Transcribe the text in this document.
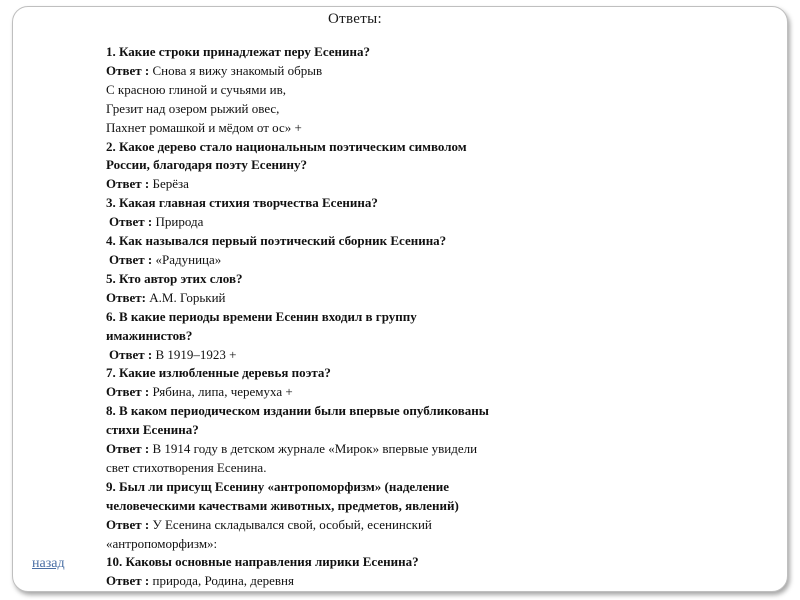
Ответы:
1. Какие строки принадлежат перу Есенина?
Ответ : Снова я вижу знакомый обрыв
С красною глиной и сучьями ив,
Грезит над озером рыжий овес,
Пахнет ромашкой и мёдом от ос» +
2. Какое дерево стало национальным поэтическим символом
России, благодаря поэту Есенину?
Ответ : Берёза
3. Какая главная стихия творчества Есенина?
Ответ : Природа
4. Как назывался первый поэтический сборник Есенина?
Ответ : «Радуница»
5. Кто автор этих слов?
Ответ: А.М. Горький
6. В какие периоды времени Есенин входил в группу
имажинистов?
Ответ : В 1919–1923 +
7. Какие излюбленные деревья поэта?
Ответ : Рябина, липа, черемуха +
8. В каком периодическом издании были впервые опубликованы
стихи Есенина?
Ответ : В 1914 году в детском журнале «Мирок» впервые увидели
свет стихотворения Есенина.
9. Был ли присущ Есенину «антропоморфизм» (наделение
человеческими качествами животных, предметов, явлений)
Ответ : У Есенина складывался свой, особый, есенинский
«антропоморфизм»:
10. Каковы основные направления лирики Есенина?
Ответ : природа, Родина, деревня
назад
